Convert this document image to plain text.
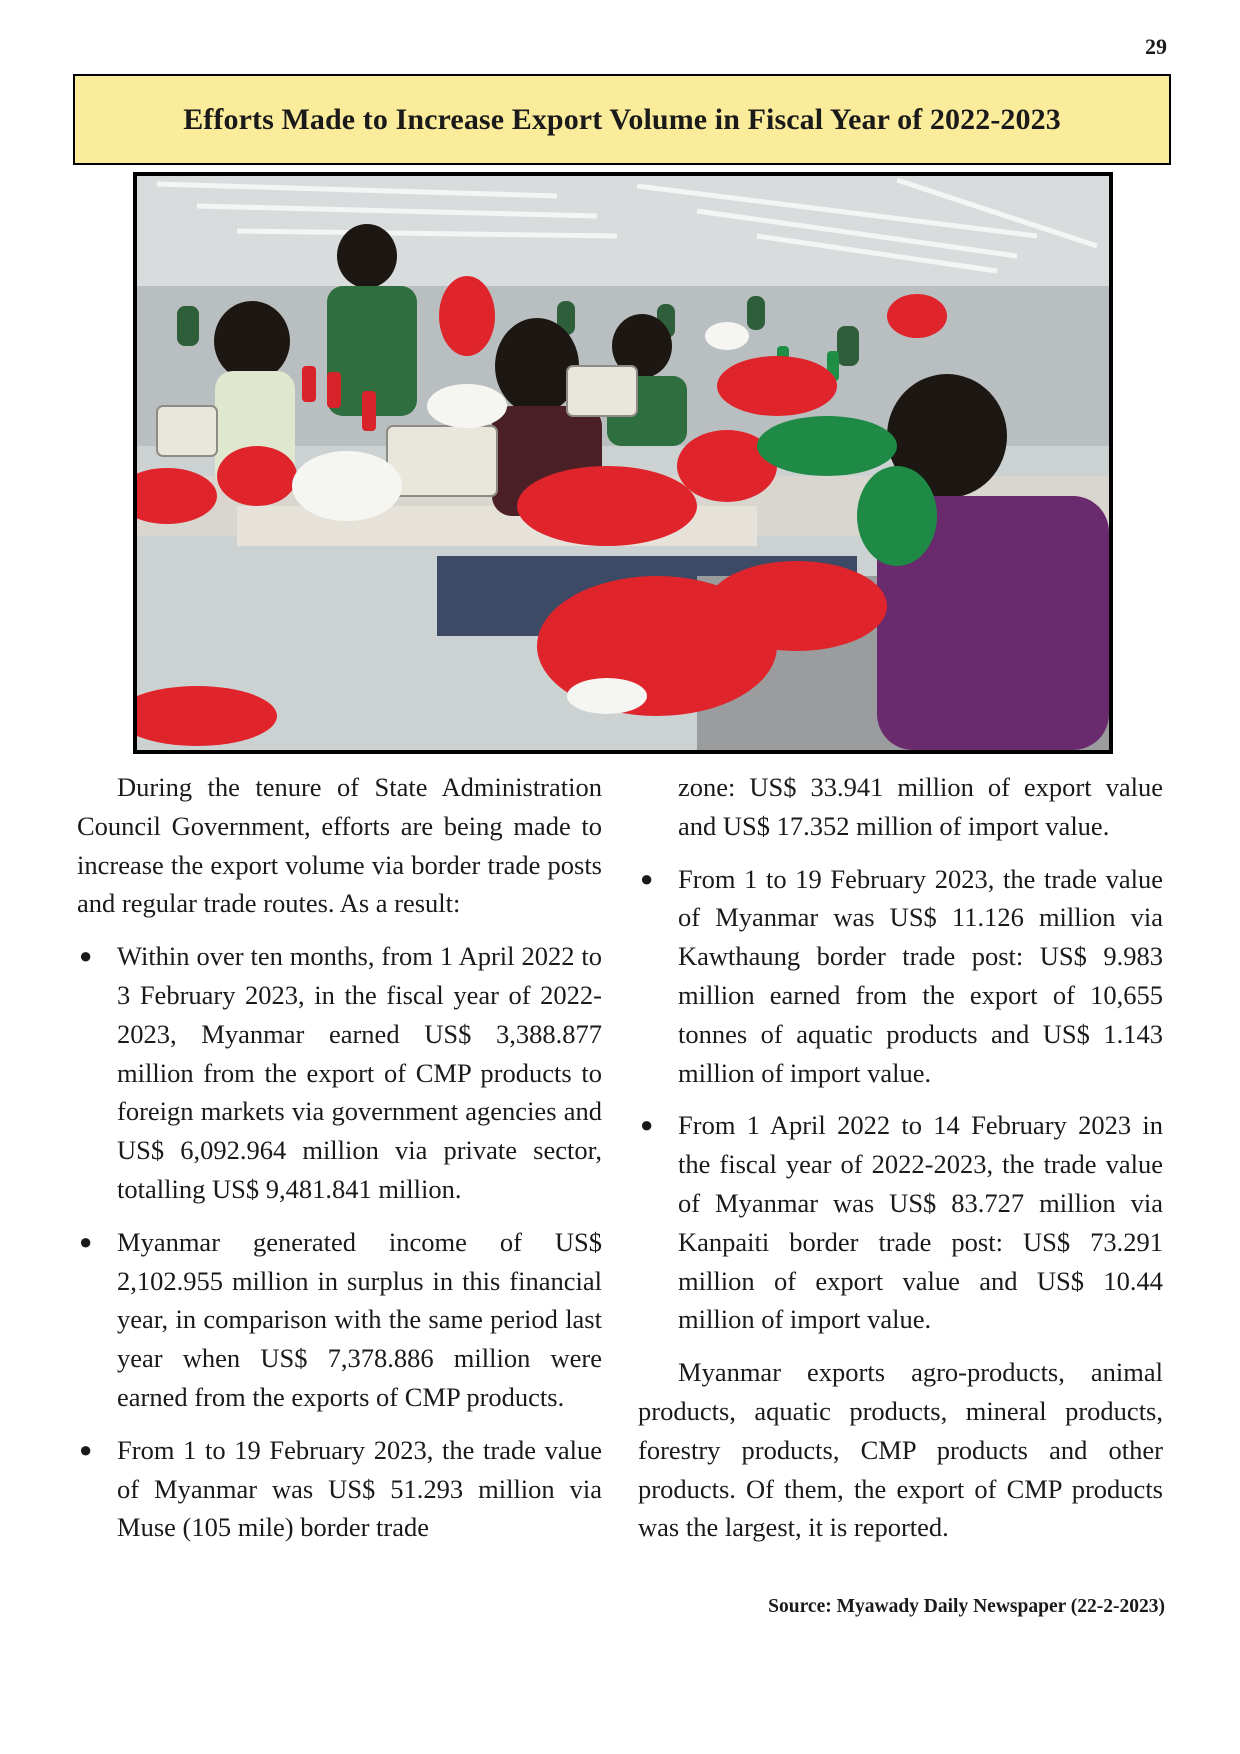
29
Efforts Made to Increase Export Volume in Fiscal Year of 2022-2023

During the tenure of State Administration Council Government, efforts are being made to increase the export volume via border trade posts and regular trade routes. As a result:

● Within over ten months, from 1 April 2022 to 3 February 2023, in the fiscal year of 2022-2023, Myanmar earned US$ 3,388.877 million from the export of CMP products to foreign markets via government agencies and US$ 6,092.964 million via private sector, totalling US$ 9,481.841 million.
● Myanmar generated income of US$ 2,102.955 million in surplus in this financial year, in comparison with the same period last year when US$ 7,378.886 million were earned from the exports of CMP products.
● From 1 to 19 February 2023, the trade value of Myanmar was US$ 51.293 million via Muse (105 mile) border trade

zone: US$ 33.941 million of export value and US$ 17.352 million of import value.

● From 1 to 19 February 2023, the trade value of Myanmar was US$ 11.126 million via Kawthaung border trade post: US$ 9.983 million earned from the export of 10,655 tonnes of aquatic products and US$ 1.143 million of import value.
● From 1 April 2022 to 14 February 2023 in the fiscal year of 2022-2023, the trade value of Myanmar was US$ 83.727 million via Kanpaiti border trade post: US$ 73.291 million of export value and US$ 10.44 million of import value.

Myanmar exports agro-products, animal products, aquatic products, mineral products, forestry products, CMP products and other products. Of them, the export of CMP products was the largest, it is reported.

Source: Myawady Daily Newspaper (22-2-2023)
